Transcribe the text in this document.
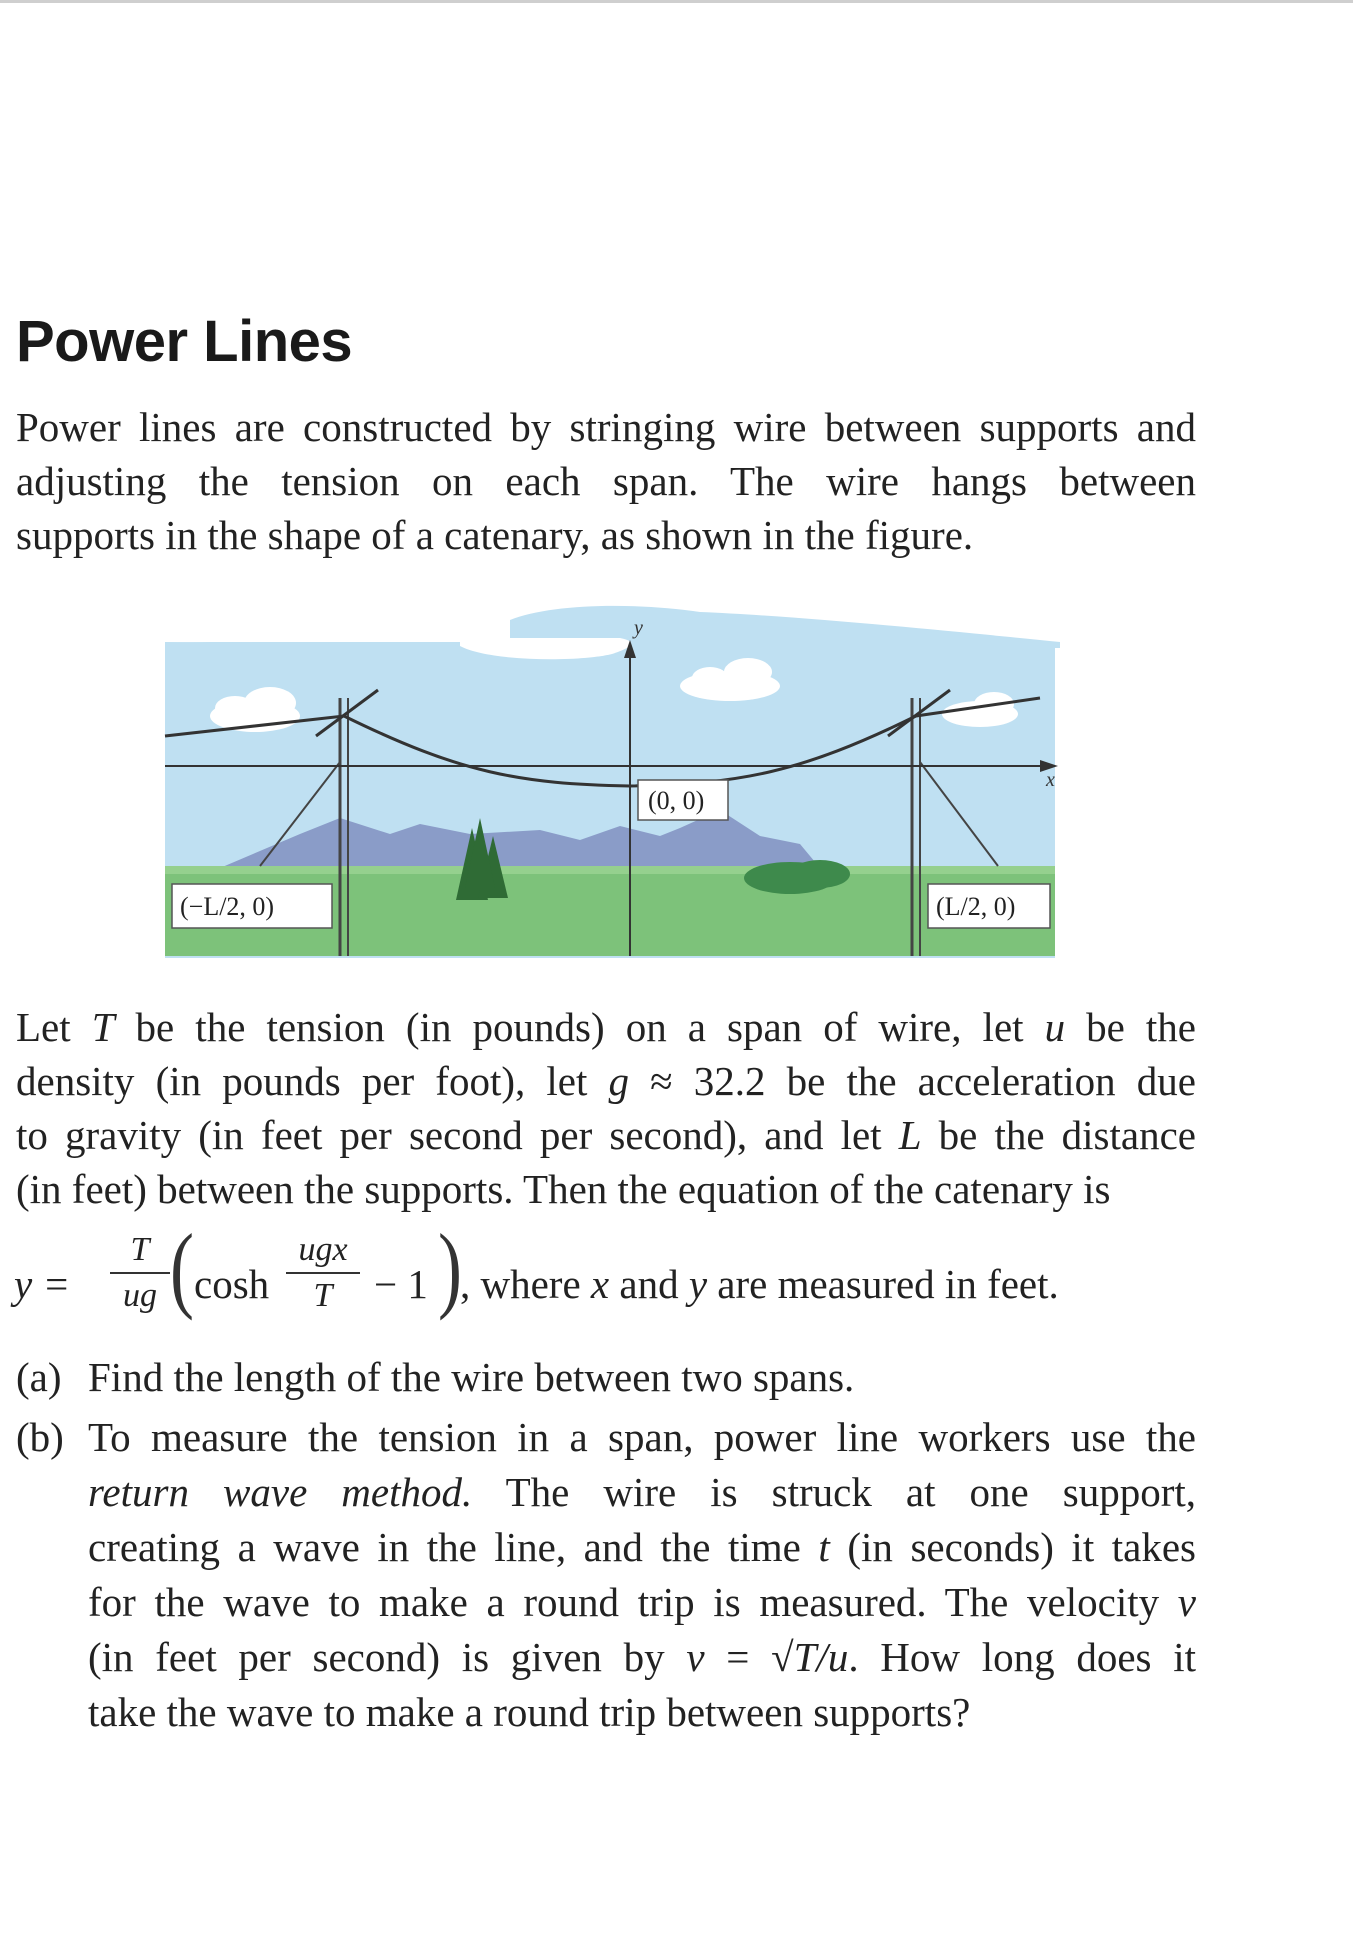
Power Lines
Power lines are constructed by stringing wire between supports and
adjusting the tension on each span. The wire hangs between
supports in the shape of a catenary, as shown in the figure.
y
x
(0, 0)
(−L/2, 0)	(L/2, 0)
Let T be the tension (in pounds) on a span of wire, let u be the
density (in pounds per foot), let g ≈ 32.2 be the acceleration due
to gravity (in feet per second per second), and let L be the distance
(in feet) between the supports. Then the equation of the catenary is
y =
T
ug ( cosh
ugx
T	− 1 )
, where x and y are measured in feet.
(a) Find the length of the wire between two spans.
(b) To measure the tension in a span, power line workers use the
return wave method. The wire is struck at one support,
creating a wave in the line, and the time t (in seconds) it takes
for the wave to make a round trip is measured. The velocity v
(in feet per second) is given by v = √T/u. How long does it
take the wave to make a round trip between supports?
